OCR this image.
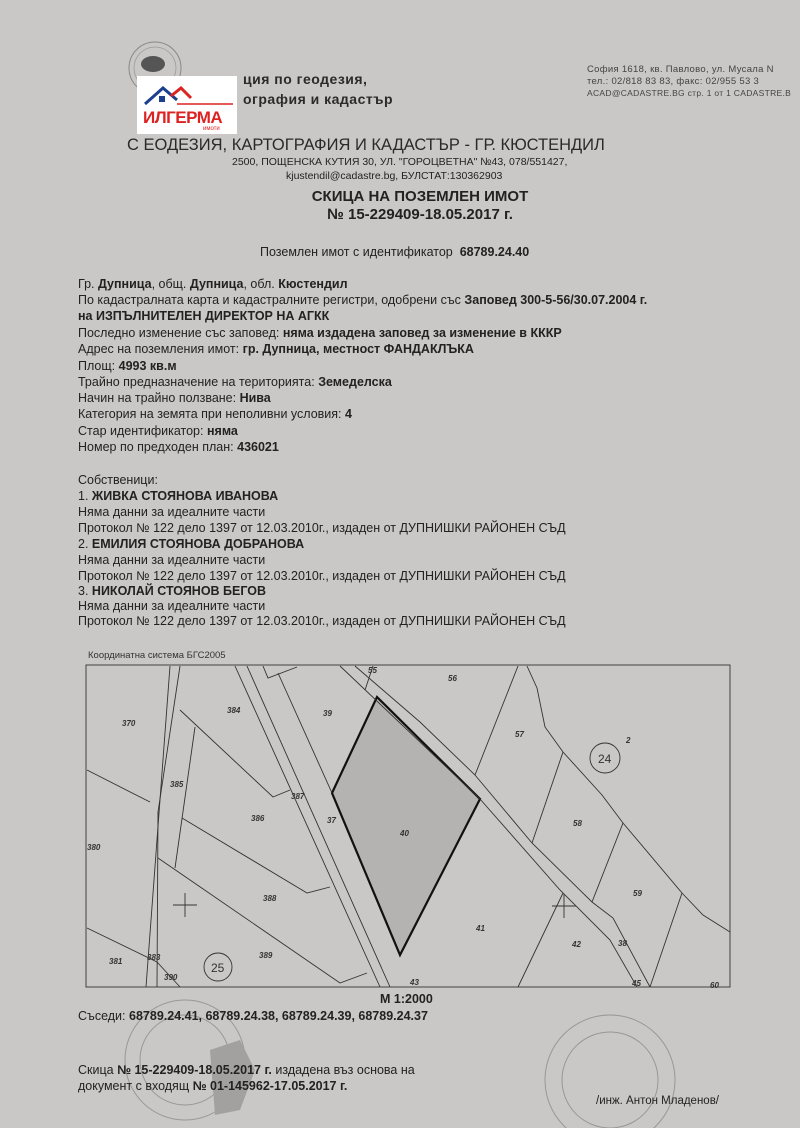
ИЛГЕРМА
имоти
ция по геодезия,
ография и кадастър
С ЕОДЕЗИЯ, КАРТОГРАФИЯ И КАДАСТЪР - ГР. КЮСТЕНДИЛ
2500, ПОЩЕНСКА КУТИЯ 30, УЛ. "ГОРОЦВЕТНА" №43, 078/551427,
kjustendil@cadastre.bg, БУЛСТАТ:130362903
София 1618, кв. Павлово, ул. Мусала N
тел.: 02/818 83 83, факс: 02/955 53 3
ACAD@CADASTRE.BG стр. 1 от 1 CADASTRE.B
СКИЦА НА ПОЗЕМЛЕН ИМОТ
№ 15-229409-18.05.2017 г.
Поземлен имот с идентификатор 68789.24.40
Гр. Дупница, общ. Дупница, обл. Кюстендил
По кадастралната карта и кадастралните регистри, одобрени със Заповед 300-5-56/30.07.2004 г.
на ИЗПЪЛНИТЕЛЕН ДИРЕКТОР НА АГКК
Последно изменение със заповед: няма издадена заповед за изменение в КККР
Адрес на поземления имот: гр. Дупница, местност ФАНДАКЛЪКА
Площ: 4993 кв.м
Трайно предназначение на територията: Земеделска
Начин на трайно ползване: Нива
Категория на земята при неполивни условия: 4
Стар идентификатор: няма
Номер по предходен план: 436021
Собственици:
1. ЖИВКА СТОЯНОВА ИВАНОВА
Няма данни за идеалните части
Протокол № 122 дело 1397 от 12.03.2010г., издаден от ДУПНИШКИ РАЙОНЕН СЪД
2. ЕМИЛИЯ СТОЯНОВА ДОБРАНОВА
Няма данни за идеалните части
Протокол № 122 дело 1397 от 12.03.2010г., издаден от ДУПНИШКИ РАЙОНЕН СЪД
3. НИКОЛАЙ СТОЯНОВ БЕГОВ
Няма данни за идеалните части
Протокол № 122 дело 1397 от 12.03.2010г., издаден от ДУПНИШКИ РАЙОНЕН СЪД
Координатна система БГС2005
370
384	39
385
387
386	37
40
380
388
389
381	383
390
43
55
56
57
2
58
59
41
42	38
45	60
24
25
М 1:2000
Съседи: 68789.24.41, 68789.24.38, 68789.24.39, 68789.24.37
Скица № 15-229409-18.05.2017 г. издадена въз основа на
документ с входящ № 01-145962-17.05.2017 г.
/инж. Антон Младенов/
